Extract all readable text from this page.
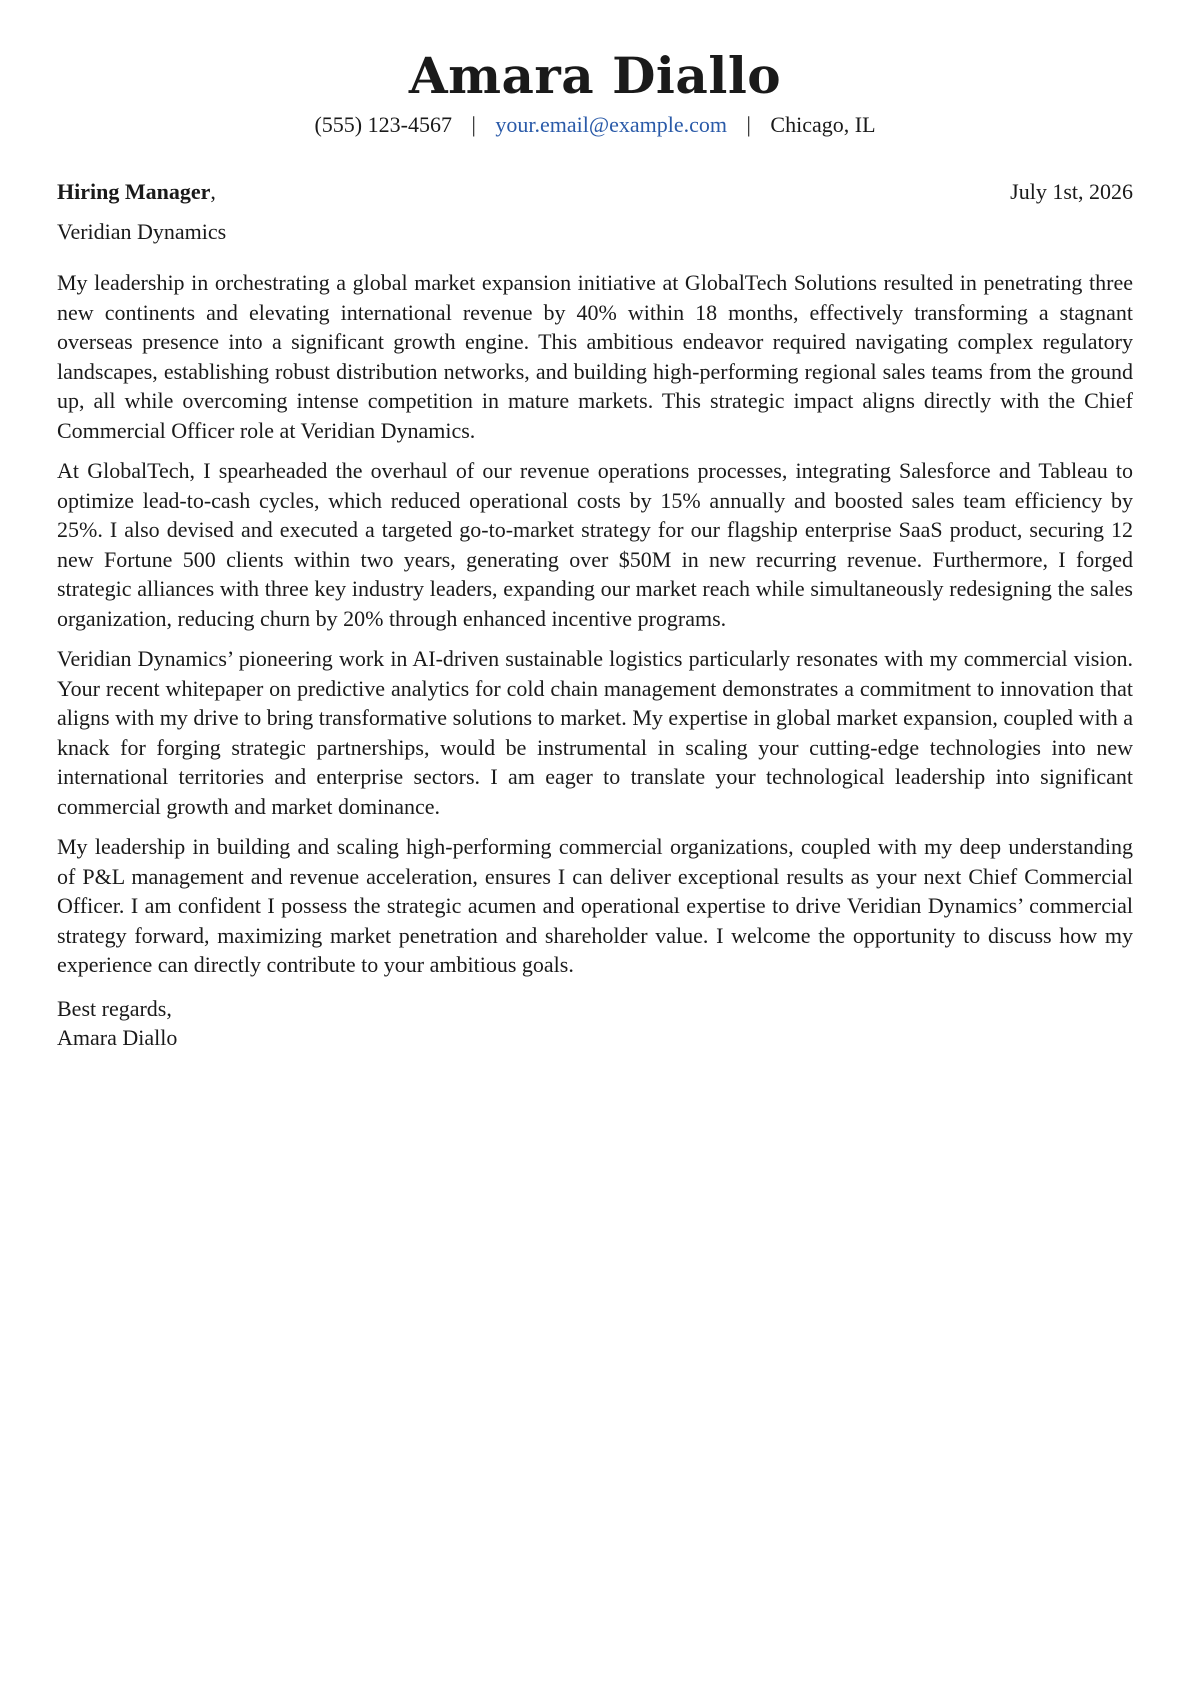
Amara Diallo
(555) 123-4567 | your.email@example.com | Chicago, IL
Hiring Manager,	July 1st, 2026
Veridian Dynamics

My leadership in orchestrating a global market expansion initiative at GlobalTech Solutions resulted in penetrating three new continents and elevating international revenue by 40% within 18 months, effectively transforming a stagnant overseas presence into a significant growth engine. This ambitious endeavor required navigating complex regulatory landscapes, establishing robust distribution networks, and building high-performing regional sales teams from the ground up, all while overcoming intense competition in mature markets. This strategic impact aligns directly with the Chief Commercial Officer role at Veridian Dynamics.

At GlobalTech, I spearheaded the overhaul of our revenue operations processes, integrating Salesforce and Tableau to optimize lead-to-cash cycles, which reduced operational costs by 15% annually and boosted sales team efficiency by 25%. I also devised and executed a targeted go-to-market strategy for our flagship enterprise SaaS product, securing 12 new Fortune 500 clients within two years, generating over $50M in new recurring revenue. Furthermore, I forged strategic alliances with three key industry leaders, expanding our market reach while simultaneously redesigning the sales organization, reducing churn by 20% through enhanced incentive programs.

Veridian Dynamics’ pioneering work in AI-driven sustainable logistics particularly resonates with my commercial vision. Your recent whitepaper on predictive analytics for cold chain management demonstrates a commitment to innovation that aligns with my drive to bring transformative solutions to market. My expertise in global market expansion, coupled with a knack for forging strategic partnerships, would be instrumental in scaling your cutting-edge technologies into new international territories and enterprise sectors. I am eager to translate your technological leadership into significant commercial growth and market dominance.

My leadership in building and scaling high-performing commercial organizations, coupled with my deep understanding of P&L management and revenue acceleration, ensures I can deliver exceptional results as your next Chief Commercial Officer. I am confident I possess the strategic acumen and operational expertise to drive Veridian Dynamics’ commercial strategy forward, maximizing market penetration and shareholder value. I welcome the opportunity to discuss how my experience can directly contribute to your ambitious goals.

Best regards,
Amara Diallo
